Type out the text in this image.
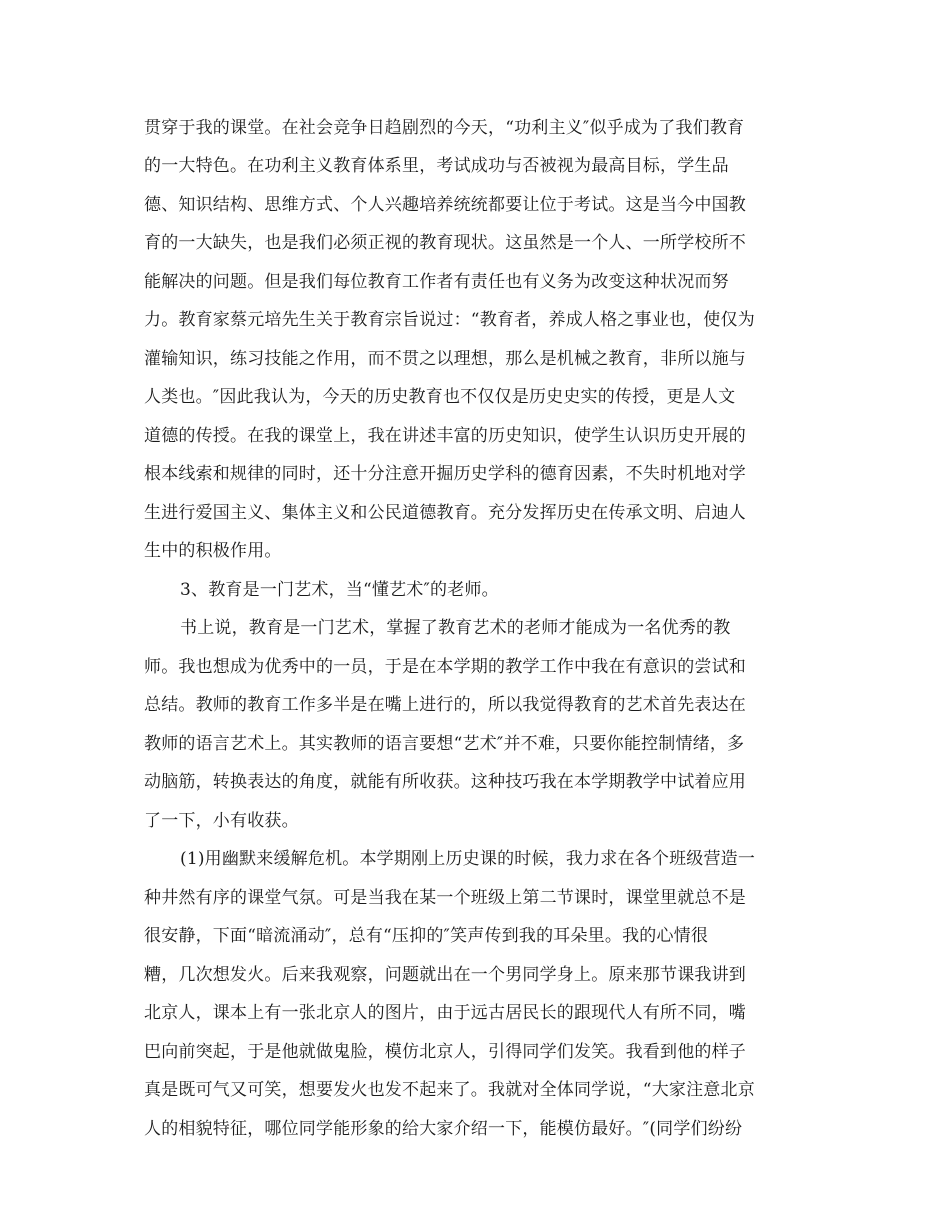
贯穿于我的课堂。在社会竞争日趋剧烈的今天，“功利主义″似乎成为了我们教育
的一大特色。在功利主义教育体系里，考试成功与否被视为最高目标，学生品
德、知识结构、思维方式、个人兴趣培养统统都要让位于考试。这是当今中国教
育的一大缺失，也是我们必须正视的教育现状。这虽然是一个人、一所学校所不
能解决的问题。但是我们每位教育工作者有责任也有义务为改变这种状况而努
力。教育家蔡元培先生关于教育宗旨说过：“教育者，养成人格之事业也，使仅为
灌输知识，练习技能之作用，而不贯之以理想，那么是机械之教育，非所以施与
人类也。″因此我认为，今天的历史教育也不仅仅是历史史实的传授，更是人文
道德的传授。在我的课堂上，我在讲述丰富的历史知识，使学生认识历史开展的
根本线索和规律的同时，还十分注意开掘历史学科的德育因素，不失时机地对学
生进行爱国主义、集体主义和公民道德教育。充分发挥历史在传承文明、启迪人
生中的积极作用。
3、教育是一门艺术，当“懂艺术″的老师。
书上说，教育是一门艺术，掌握了教育艺术的老师才能成为一名优秀的教
师。我也想成为优秀中的一员，于是在本学期的教学工作中我在有意识的尝试和
总结。教师的教育工作多半是在嘴上进行的，所以我觉得教育的艺术首先表达在
教师的语言艺术上。其实教师的语言要想“艺术″并不难，只要你能控制情绪，多
动脑筋，转换表达的角度，就能有所收获。这种技巧我在本学期教学中试着应用
了一下，小有收获。
(1)用幽默来缓解危机。本学期刚上历史课的时候，我力求在各个班级营造一
种井然有序的课堂气氛。可是当我在某一个班级上第二节课时，课堂里就总不是
很安静，下面“暗流涌动″，总有“压抑的″笑声传到我的耳朵里。我的心情很
糟，几次想发火。后来我观察，问题就出在一个男同学身上。原来那节课我讲到
北京人，课本上有一张北京人的图片，由于远古居民长的跟现代人有所不同，嘴
巴向前突起，于是他就做鬼脸，模仿北京人，引得同学们发笑。我看到他的样子
真是既可气又可笑，想要发火也发不起来了。我就对全体同学说，“大家注意北京
人的相貌特征，哪位同学能形象的给大家介绍一下，能模仿最好。″(同学们纷纷
